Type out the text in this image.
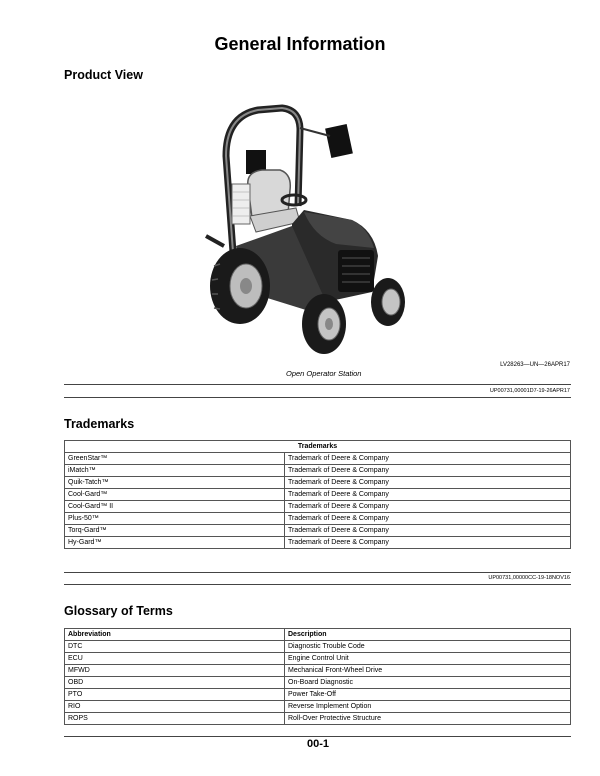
General Information
Product View
LV28263—UN—26APR17
Open Operator Station
UP00731,00001D7-19-26APR17
Trademarks
Trademarks	
GreenStar™	Trademark of Deere & Company
iMatch™	Trademark of Deere & Company
Quik-Tatch™	Trademark of Deere & Company
Cool-Gard™	Trademark of Deere & Company
Cool-Gard™ II	Trademark of Deere & Company
Plus-50™	Trademark of Deere & Company
Torq-Gard™	Trademark of Deere & Company
Hy-Gard™	Trademark of Deere & Company
UP00731,00000CC-19-18NOV16
Glossary of Terms
Abbreviation	Description
DTC	Diagnostic Trouble Code
ECU	Engine Control Unit
MFWD	Mechanical Front-Wheel Drive
OBD	On-Board Diagnostic
PTO	Power Take-Off
RIO	Reverse Implement Option
ROPS	Roll-Over Protective Structure
00-1
